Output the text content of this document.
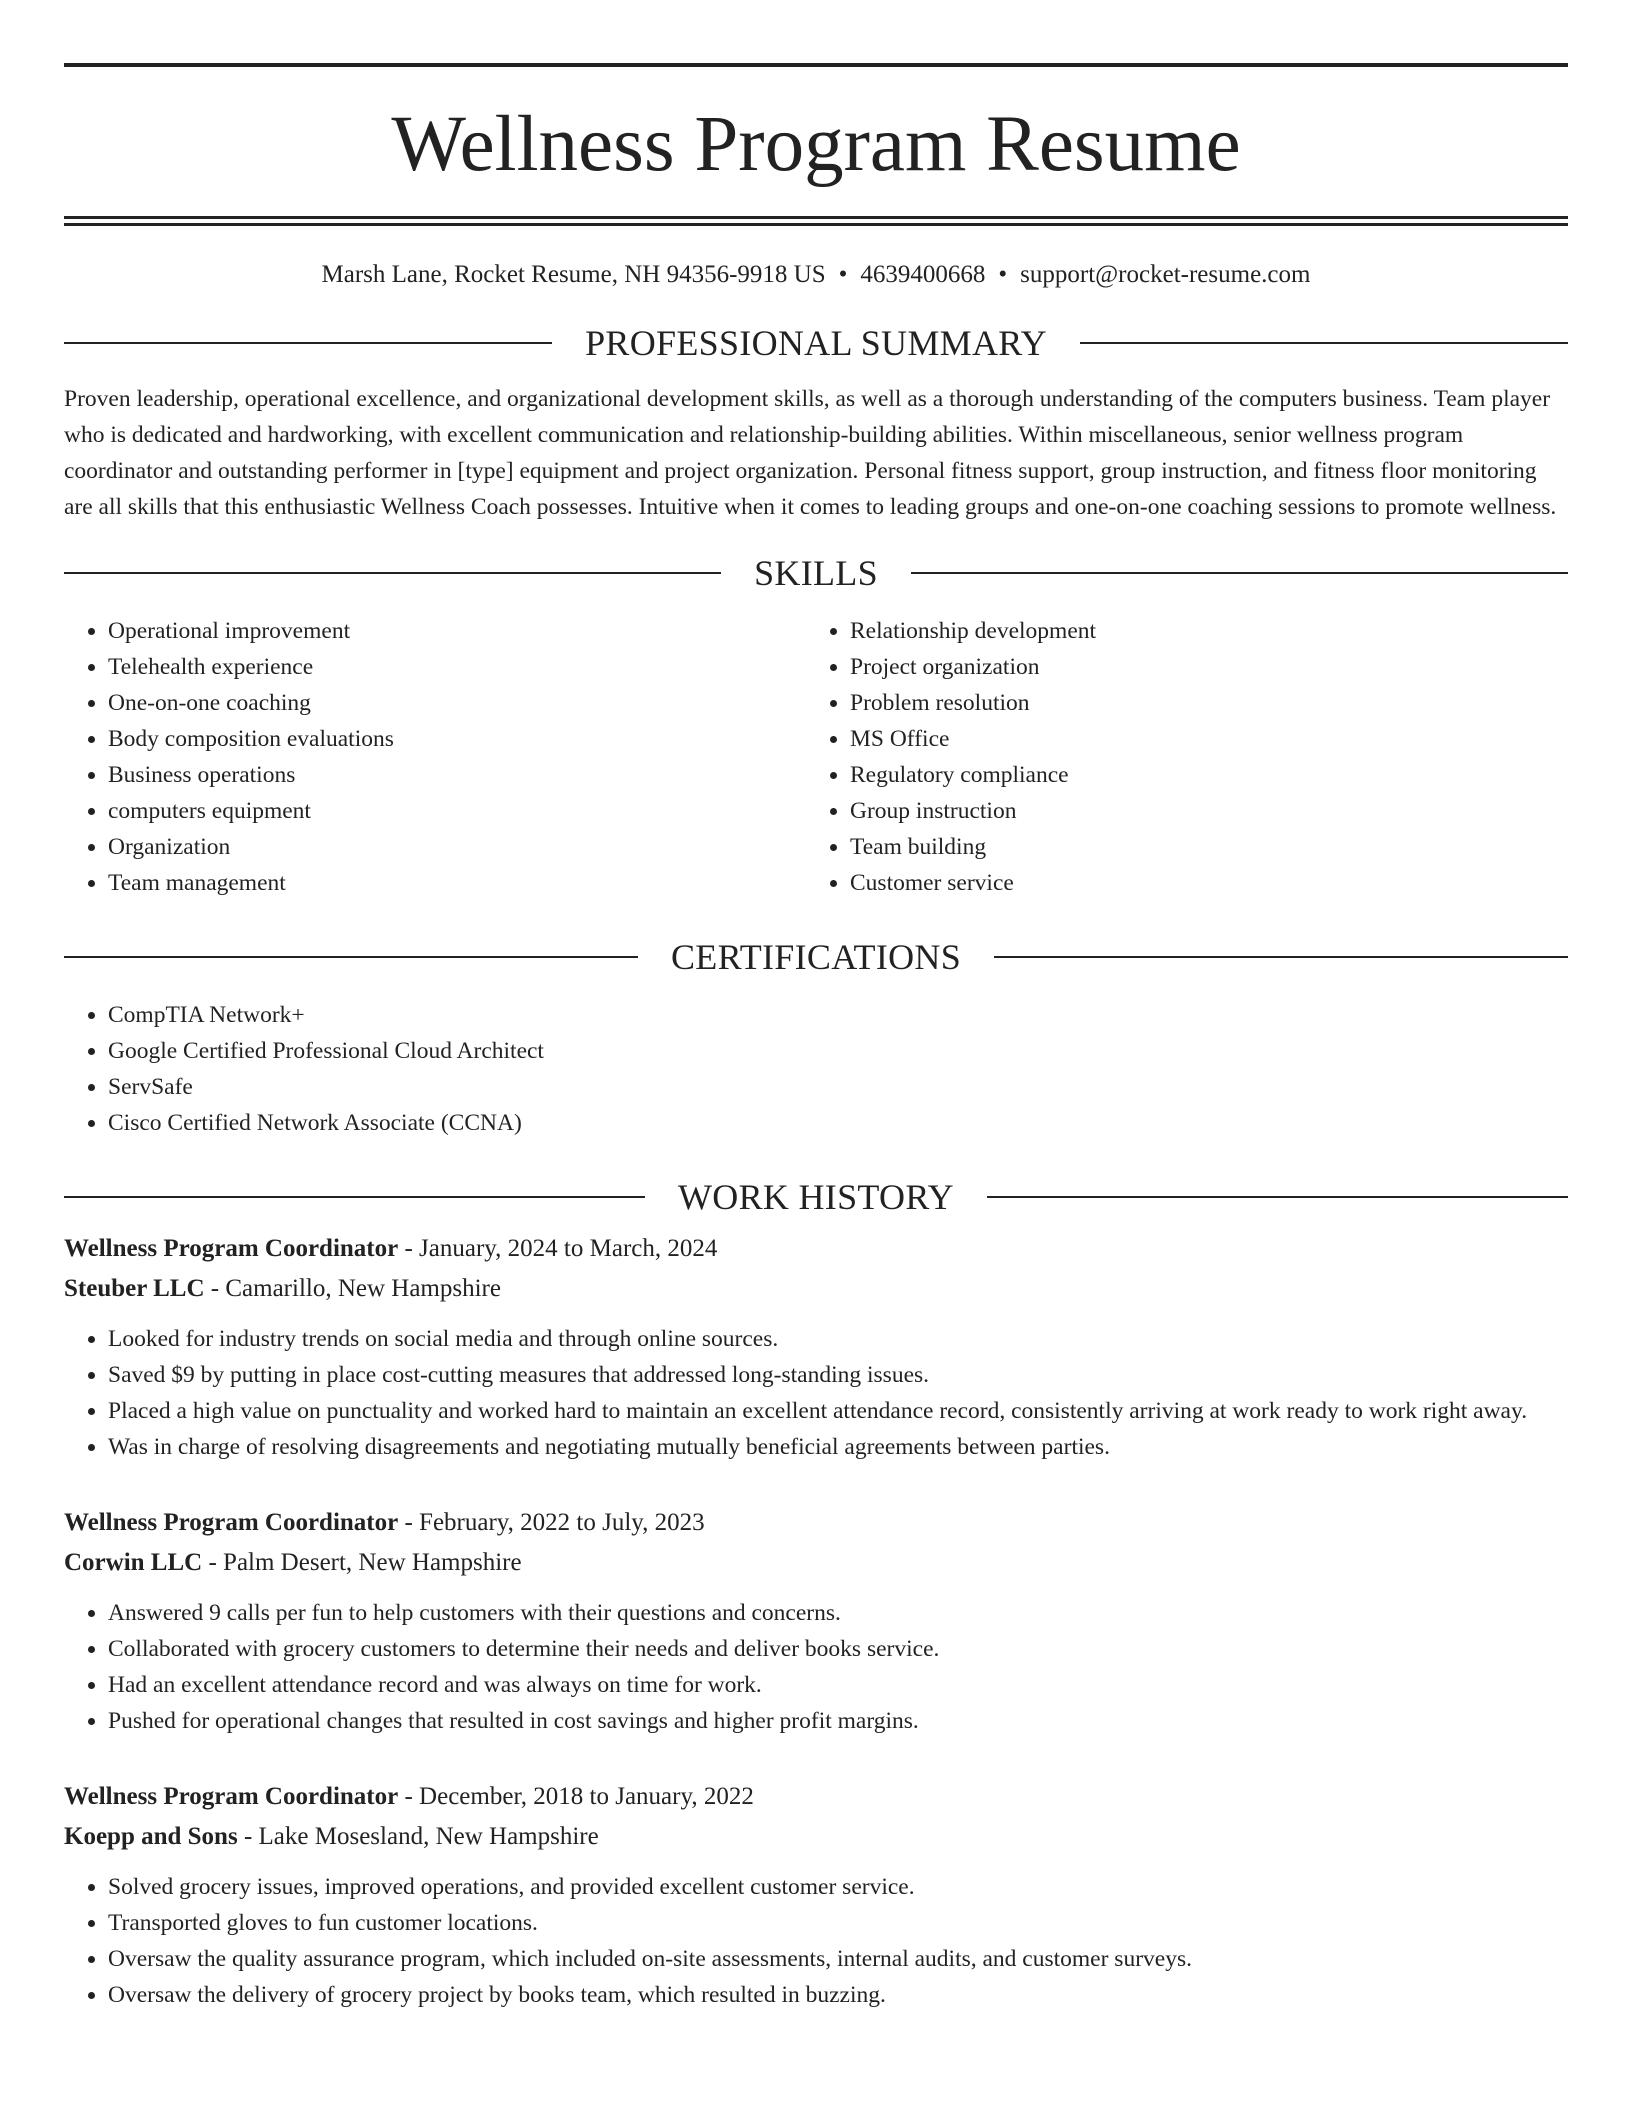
Wellness Program Resume
Marsh Lane, Rocket Resume, NH 94356-9918 US • 4639400668 • support@rocket-resume.com
PROFESSIONAL SUMMARY

Proven leadership, operational excellence, and organizational development skills, as well as a thorough understanding of the computers business. Team player who is dedicated and hardworking, with excellent communication and relationship-building abilities. Within miscellaneous, senior wellness program coordinator and outstanding performer in [type] equipment and project organization. Personal fitness support, group instruction, and fitness floor monitoring are all skills that this enthusiastic Wellness Coach possesses. Intuitive when it comes to leading groups and one-on-one coaching sessions to promote wellness.

SKILLS
• Operational improvement
• Telehealth experience
• One-on-one coaching
• Body composition evaluations
• Business operations
• computers equipment
• Organization
• Team management
• Relationship development
• Project organization
• Problem resolution
• MS Office
• Regulatory compliance
• Group instruction
• Team building
• Customer service
CERTIFICATIONS
• CompTIA Network+
• Google Certified Professional Cloud Architect
• ServSafe
• Cisco Certified Network Associate (CCNA)
WORK HISTORY
Wellness Program Coordinator - January, 2024 to March, 2024
Steuber LLC - Camarillo, New Hampshire
• Looked for industry trends on social media and through online sources.
• Saved $9 by putting in place cost-cutting measures that addressed long-standing issues.
• Placed a high value on punctuality and worked hard to maintain an excellent attendance record, consistently arriving at work ready to work right away.
• Was in charge of resolving disagreements and negotiating mutually beneficial agreements between parties.
Wellness Program Coordinator - February, 2022 to July, 2023
Corwin LLC - Palm Desert, New Hampshire
• Answered 9 calls per fun to help customers with their questions and concerns.
• Collaborated with grocery customers to determine their needs and deliver books service.
• Had an excellent attendance record and was always on time for work.
• Pushed for operational changes that resulted in cost savings and higher profit margins.
Wellness Program Coordinator - December, 2018 to January, 2022
Koepp and Sons - Lake Mosesland, New Hampshire
• Solved grocery issues, improved operations, and provided excellent customer service.
• Transported gloves to fun customer locations.
• Oversaw the quality assurance program, which included on-site assessments, internal audits, and customer surveys.
• Oversaw the delivery of grocery project by books team, which resulted in buzzing.
